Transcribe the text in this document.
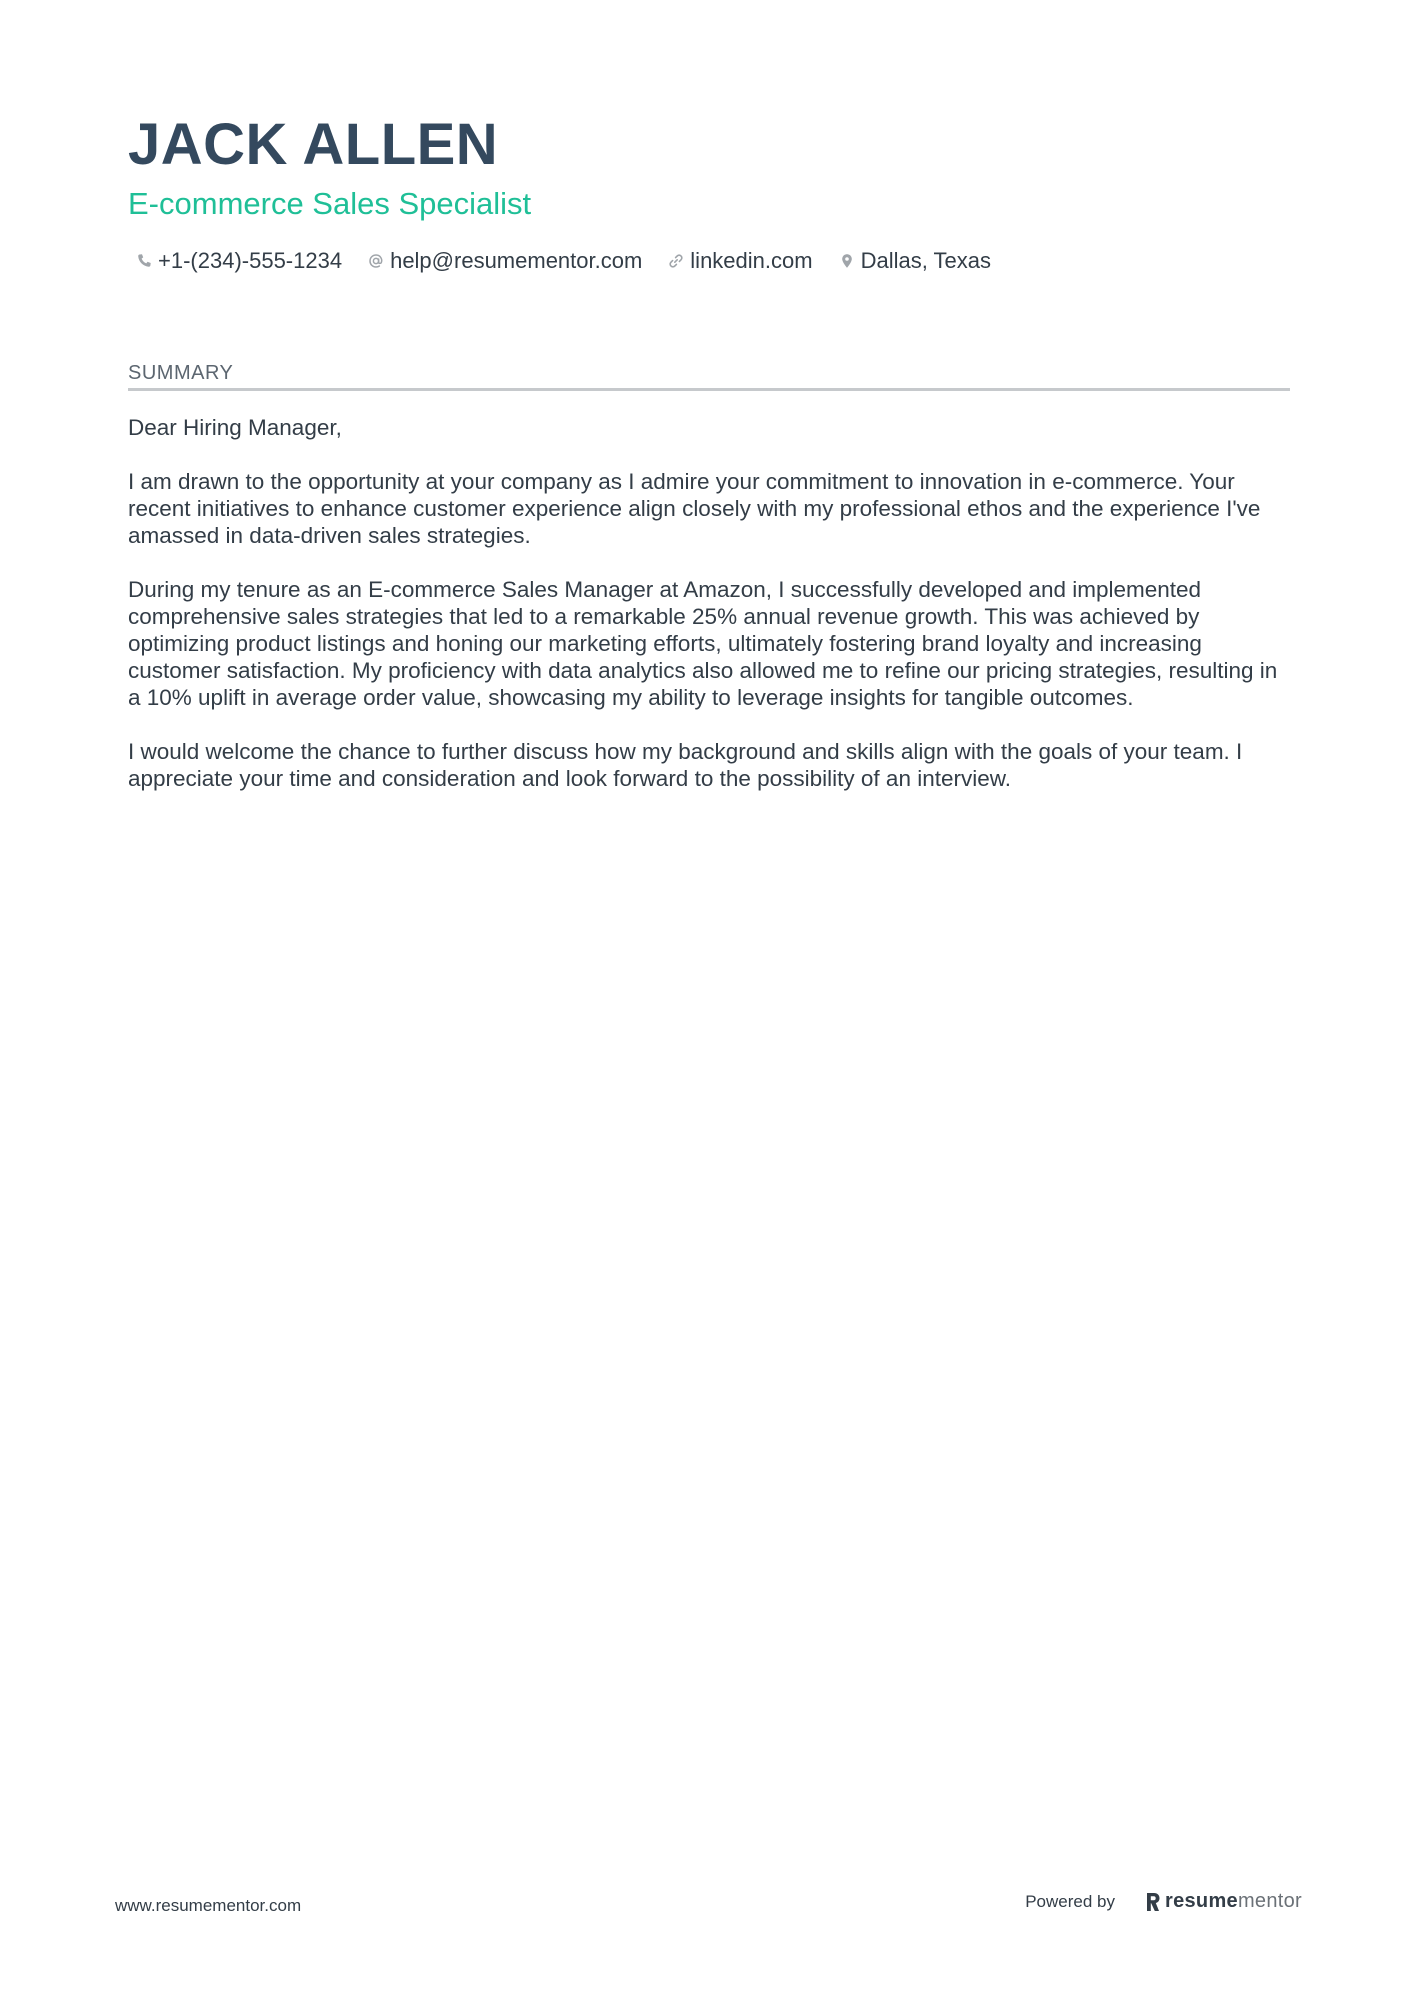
JACK ALLEN
E-commerce Sales Specialist
+1-(234)-555-1234 help@resumementor.com linkedin.com Dallas, Texas
SUMMARY

Dear Hiring Manager,

I am drawn to the opportunity at your company as I admire your commitment to innovation in e-commerce. Your recent initiatives to enhance customer experience align closely with my professional ethos and the experience I've amassed in data-driven sales strategies.

During my tenure as an E-commerce Sales Manager at Amazon, I successfully developed and implemented comprehensive sales strategies that led to a remarkable 25% annual revenue growth. This was achieved by optimizing product listings and honing our marketing efforts, ultimately fostering brand loyalty and increasing customer satisfaction. My proficiency with data analytics also allowed me to refine our pricing strategies, resulting in a 10% uplift in average order value, showcasing my ability to leverage insights for tangible outcomes.

I would welcome the chance to further discuss how my background and skills align with the goals of your team. I appreciate your time and consideration and look forward to the possibility of an interview.

www.resumementor.com	Powered by	resumementor
